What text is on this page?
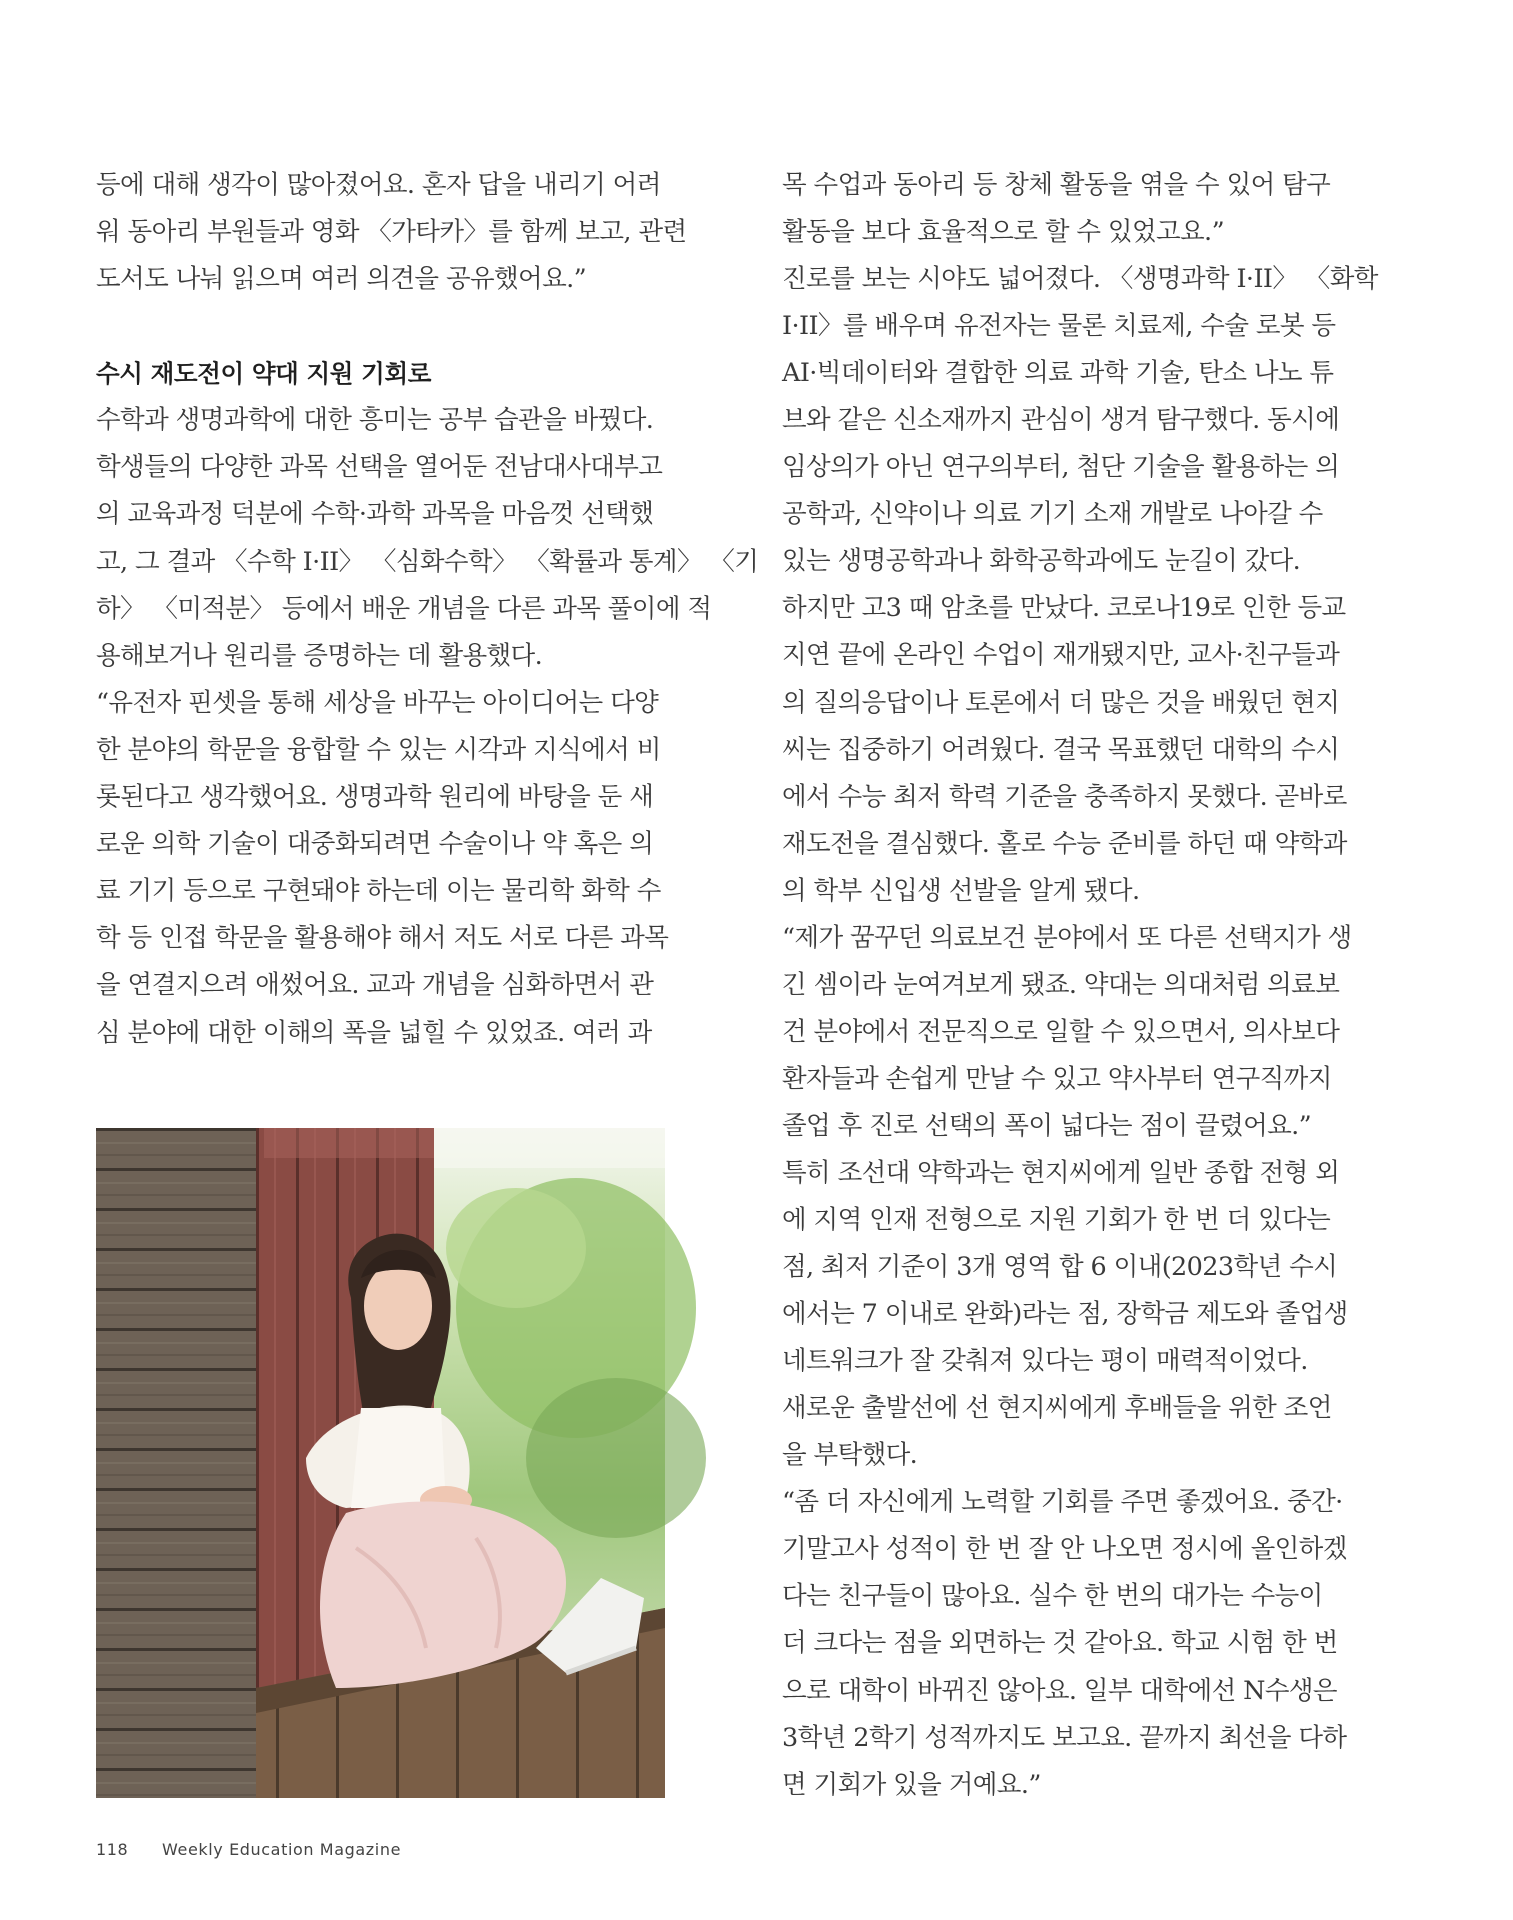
등에 대해 생각이 많아졌어요. 혼자 답을 내리기 어려
워 동아리 부원들과 영화 〈가타카〉를 함께 보고, 관련
도서도 나눠 읽으며 여러 의견을 공유했어요.”
수시 재도전이 약대 지원 기회로
수학과 생명과학에 대한 흥미는 공부 습관을 바꿨다.
학생들의 다양한 과목 선택을 열어둔 전남대사대부고
의 교육과정 덕분에 수학·과학 과목을 마음껏 선택했
고, 그 결과 〈수학 I·II〉 〈심화수학〉 〈확률과 통계〉 〈기
하〉 〈미적분〉 등에서 배운 개념을 다른 과목 풀이에 적
용해보거나 원리를 증명하는 데 활용했다.
“유전자 핀셋을 통해 세상을 바꾸는 아이디어는 다양
한 분야의 학문을 융합할 수 있는 시각과 지식에서 비
롯된다고 생각했어요. 생명과학 원리에 바탕을 둔 새
로운 의학 기술이 대중화되려면 수술이나 약 혹은 의
료 기기 등으로 구현돼야 하는데 이는 물리학 화학 수
학 등 인접 학문을 활용해야 해서 저도 서로 다른 과목
을 연결지으려 애썼어요. 교과 개념을 심화하면서 관
심 분야에 대한 이해의 폭을 넓힐 수 있었죠. 여러 과
목 수업과 동아리 등 창체 활동을 엮을 수 있어 탐구
활동을 보다 효율적으로 할 수 있었고요.”
진로를 보는 시야도 넓어졌다. 〈생명과학 I·II〉 〈화학
I·II〉를 배우며 유전자는 물론 치료제, 수술 로봇 등
AI·빅데이터와 결합한 의료 과학 기술, 탄소 나노 튜
브와 같은 신소재까지 관심이 생겨 탐구했다. 동시에
임상의가 아닌 연구의부터, 첨단 기술을 활용하는 의
공학과, 신약이나 의료 기기 소재 개발로 나아갈 수
있는 생명공학과나 화학공학과에도 눈길이 갔다.
하지만 고3 때 암초를 만났다. 코로나19로 인한 등교
지연 끝에 온라인 수업이 재개됐지만, 교사·친구들과
의 질의응답이나 토론에서 더 많은 것을 배웠던 현지
씨는 집중하기 어려웠다. 결국 목표했던 대학의 수시
에서 수능 최저 학력 기준을 충족하지 못했다. 곧바로
재도전을 결심했다. 홀로 수능 준비를 하던 때 약학과
의 학부 신입생 선발을 알게 됐다.
“제가 꿈꾸던 의료보건 분야에서 또 다른 선택지가 생
긴 셈이라 눈여겨보게 됐죠. 약대는 의대처럼 의료보
건 분야에서 전문직으로 일할 수 있으면서, 의사보다
환자들과 손쉽게 만날 수 있고 약사부터 연구직까지
졸업 후 진로 선택의 폭이 넓다는 점이 끌렸어요.”
특히 조선대 약학과는 현지씨에게 일반 종합 전형 외
에 지역 인재 전형으로 지원 기회가 한 번 더 있다는
점, 최저 기준이 3개 영역 합 6 이내(2023학년 수시
에서는 7 이내로 완화)라는 점, 장학금 제도와 졸업생
네트워크가 잘 갖춰져 있다는 평이 매력적이었다.
새로운 출발선에 선 현지씨에게 후배들을 위한 조언
을 부탁했다.
“좀 더 자신에게 노력할 기회를 주면 좋겠어요. 중간·
기말고사 성적이 한 번 잘 안 나오면 정시에 올인하겠
다는 친구들이 많아요. 실수 한 번의 대가는 수능이
더 크다는 점을 외면하는 것 같아요. 학교 시험 한 번
으로 대학이 바뀌진 않아요. 일부 대학에선 N수생은
3학년 2학기 성적까지도 보고요. 끝까지 최선을 다하
면 기회가 있을 거예요.”
118 Weekly Education Magazine
